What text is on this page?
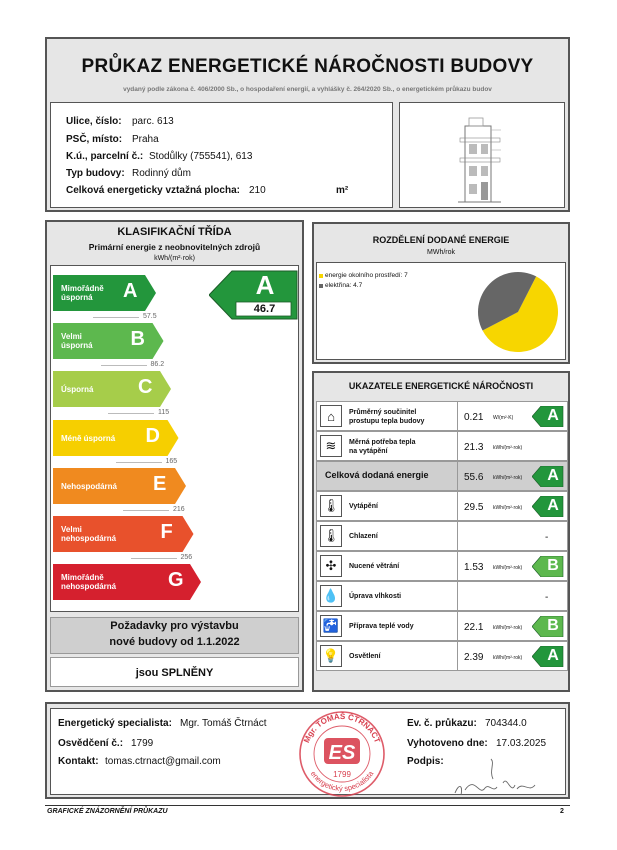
PRŮKAZ ENERGETICKÉ NÁROČNOSTI BUDOVY
vydaný podle zákona č. 406/2000 Sb., o hospodaření energií, a vyhlášky č. 264/2020 Sb., o energetickém průkazu budov
Ulice, číslo: parc. 613
PSČ, místo: Praha
K.ú., parcelní č.: Stodůlky (755541), 613
Typ budovy: Rodinný dům
Celková energeticky vztažná plocha: 210	m²
KLASIFIKAČNÍ TŘÍDA
Primární energie z neobnovitelných zdrojů
kWh/(m²·rok)
Mimořádně
úsporná	A
57.5
Velmi
úsporná B
86.2
Úsporná C
115
Méně úsporná D
165
Nehospodárná E
216
Velmi
nehospodárná F
256
Mimořádně
nehospodárná	G
A
46.7
Požadavky pro výstavbu
nové budovy od 1.1.2022
jsou SPLNĚNY
ROZDĚLENÍ DODANÉ ENERGIE
MWh/rok
energie okolního prostředí: 7
elektřina: 4.7
UKAZATELE ENERGETICKÉ NÁROČNOSTI
⌂	Průměrný součinitel
prostupu tepla budovy	0.21 W/(m²·K) A
≋	Měrná potřeba tepla
na vytápění	21.3 kWh/(m²·rok)
Celková dodaná energie	55.6 kWh/(m²·rok) A
🌡	Vytápění	29.5 kWh/(m²·rok) A
🌡	Chlazení	-
✣	Nucené větrání	1.53 kWh/(m²·rok) B
💧	Úprava vlhkosti	-
🚰	Příprava teplé vody	22.1 kWh/(m²·rok) B
💡	Osvětlení	2.39 kWh/(m²·rok) A
Energetický specialista: Mgr. Tomáš Čtrnáct
Osvědčení č.: 1799
Kontakt: tomas.ctrnact@gmail.com
Ev. č. průkazu: 704344.0
Vyhotoveno dne: 17.03.2025
Podpis:
Mgr. TOMÁŠ ČTRNÁCT
energetický specialista
ES
1799
GRAFICKÉ ZNÁZORNĚNÍ PRŮKAZU	2
